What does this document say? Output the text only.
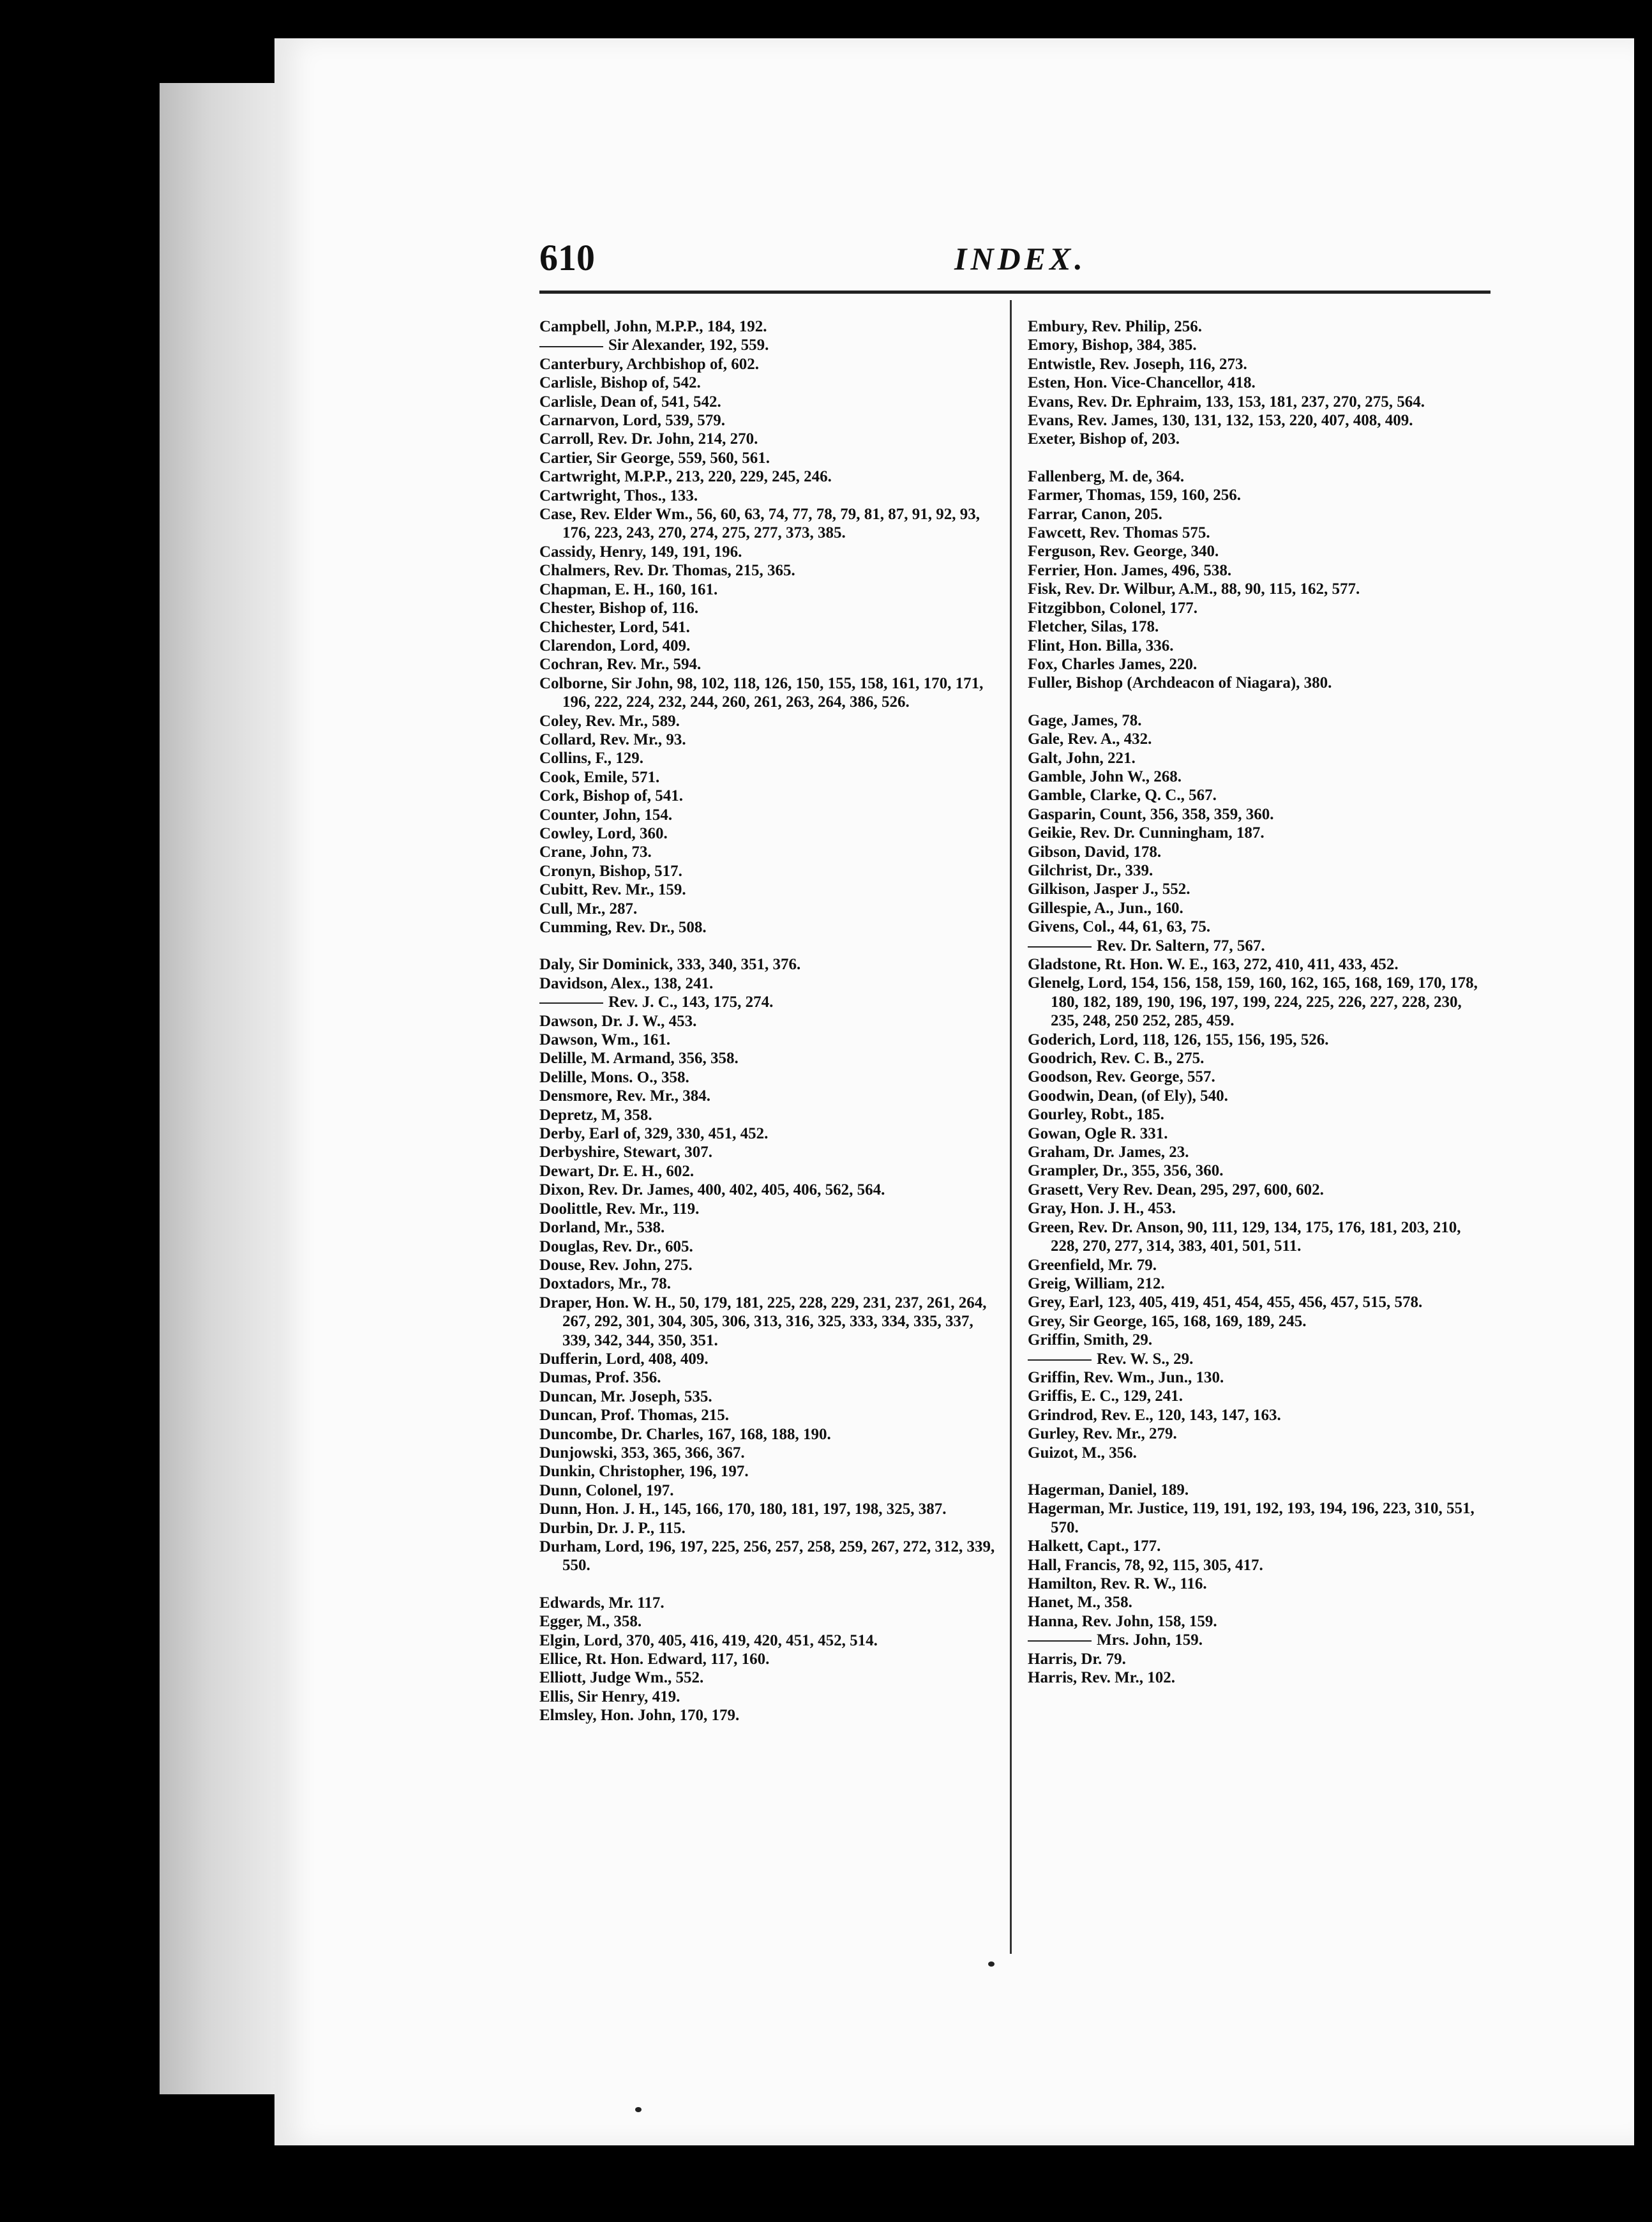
610	INDEX.
Campbell, John, M.P.P., 184, 192.
Sir Alexander, 192, 559.
Canterbury, Archbishop of, 602.
Carlisle, Bishop of, 542.
Carlisle, Dean of, 541, 542.
Carnarvon, Lord, 539, 579.
Carroll, Rev. Dr. John, 214, 270.
Cartier, Sir George, 559, 560, 561.
Cartwright, M.P.P., 213, 220, 229, 245, 246.
Cartwright, Thos., 133.
Case, Rev. Elder Wm., 56, 60, 63, 74, 77, 78, 79, 81, 87, 91, 92, 93, 176, 223, 243, 270, 274, 275, 277, 373, 385.
Cassidy, Henry, 149, 191, 196.
Chalmers, Rev. Dr. Thomas, 215, 365.
Chapman, E. H., 160, 161.
Chester, Bishop of, 116.
Chichester, Lord, 541.
Clarendon, Lord, 409.
Cochran, Rev. Mr., 594.
Colborne, Sir John, 98, 102, 118, 126, 150, 155, 158, 161, 170, 171, 196, 222, 224, 232, 244, 260, 261, 263, 264, 386, 526.
Coley, Rev. Mr., 589.
Collard, Rev. Mr., 93.
Collins, F., 129.
Cook, Emile, 571.
Cork, Bishop of, 541.
Counter, John, 154.
Cowley, Lord, 360.
Crane, John, 73.
Cronyn, Bishop, 517.
Cubitt, Rev. Mr., 159.
Cull, Mr., 287.
Cumming, Rev. Dr., 508.
Daly, Sir Dominick, 333, 340, 351, 376.
Davidson, Alex., 138, 241.
Rev. J. C., 143, 175, 274.
Dawson, Dr. J. W., 453.
Dawson, Wm., 161.
Delille, M. Armand, 356, 358.
Delille, Mons. O., 358.
Densmore, Rev. Mr., 384.
Depretz, M, 358.
Derby, Earl of, 329, 330, 451, 452.
Derbyshire, Stewart, 307.
Dewart, Dr. E. H., 602.
Dixon, Rev. Dr. James, 400, 402, 405, 406, 562, 564.
Doolittle, Rev. Mr., 119.
Dorland, Mr., 538.
Douglas, Rev. Dr., 605.
Douse, Rev. John, 275.
Doxtadors, Mr., 78.
Draper, Hon. W. H., 50, 179, 181, 225, 228, 229, 231, 237, 261, 264, 267, 292, 301, 304, 305, 306, 313, 316, 325, 333, 334, 335, 337, 339, 342, 344, 350, 351.
Dufferin, Lord, 408, 409.
Dumas, Prof. 356.
Duncan, Mr. Joseph, 535.
Duncan, Prof. Thomas, 215.
Duncombe, Dr. Charles, 167, 168, 188, 190.
Dunjowski, 353, 365, 366, 367.
Dunkin, Christopher, 196, 197.
Dunn, Colonel, 197.
Dunn, Hon. J. H., 145, 166, 170, 180, 181, 197, 198, 325, 387.
Durbin, Dr. J. P., 115.
Durham, Lord, 196, 197, 225, 256, 257, 258, 259, 267, 272, 312, 339, 550.
Edwards, Mr. 117.
Egger, M., 358.
Elgin, Lord, 370, 405, 416, 419, 420, 451, 452, 514.
Ellice, Rt. Hon. Edward, 117, 160.
Elliott, Judge Wm., 552.
Ellis, Sir Henry, 419.
Elmsley, Hon. John, 170, 179.
Embury, Rev. Philip, 256.
Emory, Bishop, 384, 385.
Entwistle, Rev. Joseph, 116, 273.
Esten, Hon. Vice-Chancellor, 418.
Evans, Rev. Dr. Ephraim, 133, 153, 181, 237, 270, 275, 564.
Evans, Rev. James, 130, 131, 132, 153, 220, 407, 408, 409.
Exeter, Bishop of, 203.
Fallenberg, M. de, 364.
Farmer, Thomas, 159, 160, 256.
Farrar, Canon, 205.
Fawcett, Rev. Thomas 575.
Ferguson, Rev. George, 340.
Ferrier, Hon. James, 496, 538.
Fisk, Rev. Dr. Wilbur, A.M., 88, 90, 115, 162, 577.
Fitzgibbon, Colonel, 177.
Fletcher, Silas, 178.
Flint, Hon. Billa, 336.
Fox, Charles James, 220.
Fuller, Bishop (Archdeacon of Niagara), 380.
Gage, James, 78.
Gale, Rev. A., 432.
Galt, John, 221.
Gamble, John W., 268.
Gamble, Clarke, Q. C., 567.
Gasparin, Count, 356, 358, 359, 360.
Geikie, Rev. Dr. Cunningham, 187.
Gibson, David, 178.
Gilchrist, Dr., 339.
Gilkison, Jasper J., 552.
Gillespie, A., Jun., 160.
Givens, Col., 44, 61, 63, 75.
Rev. Dr. Saltern, 77, 567.
Gladstone, Rt. Hon. W. E., 163, 272, 410, 411, 433, 452.
Glenelg, Lord, 154, 156, 158, 159, 160, 162, 165, 168, 169, 170, 178, 180, 182, 189, 190, 196, 197, 199, 224, 225, 226, 227, 228, 230, 235, 248, 250 252, 285, 459.
Goderich, Lord, 118, 126, 155, 156, 195, 526.
Goodrich, Rev. C. B., 275.
Goodson, Rev. George, 557.
Goodwin, Dean, (of Ely), 540.
Gourley, Robt., 185.
Gowan, Ogle R. 331.
Graham, Dr. James, 23.
Grampler, Dr., 355, 356, 360.
Grasett, Very Rev. Dean, 295, 297, 600, 602.
Gray, Hon. J. H., 453.
Green, Rev. Dr. Anson, 90, 111, 129, 134, 175, 176, 181, 203, 210, 228, 270, 277, 314, 383, 401, 501, 511.
Greenfield, Mr. 79.
Greig, William, 212.
Grey, Earl, 123, 405, 419, 451, 454, 455, 456, 457, 515, 578.
Grey, Sir George, 165, 168, 169, 189, 245.
Griffin, Smith, 29.
Rev. W. S., 29.
Griffin, Rev. Wm., Jun., 130.
Griffis, E. C., 129, 241.
Grindrod, Rev. E., 120, 143, 147, 163.
Gurley, Rev. Mr., 279.
Guizot, M., 356.
Hagerman, Daniel, 189.
Hagerman, Mr. Justice, 119, 191, 192, 193, 194, 196, 223, 310, 551, 570.
Halkett, Capt., 177.
Hall, Francis, 78, 92, 115, 305, 417.
Hamilton, Rev. R. W., 116.
Hanet, M., 358.
Hanna, Rev. John, 158, 159.
Mrs. John, 159.
Harris, Dr. 79.
Harris, Rev. Mr., 102.
